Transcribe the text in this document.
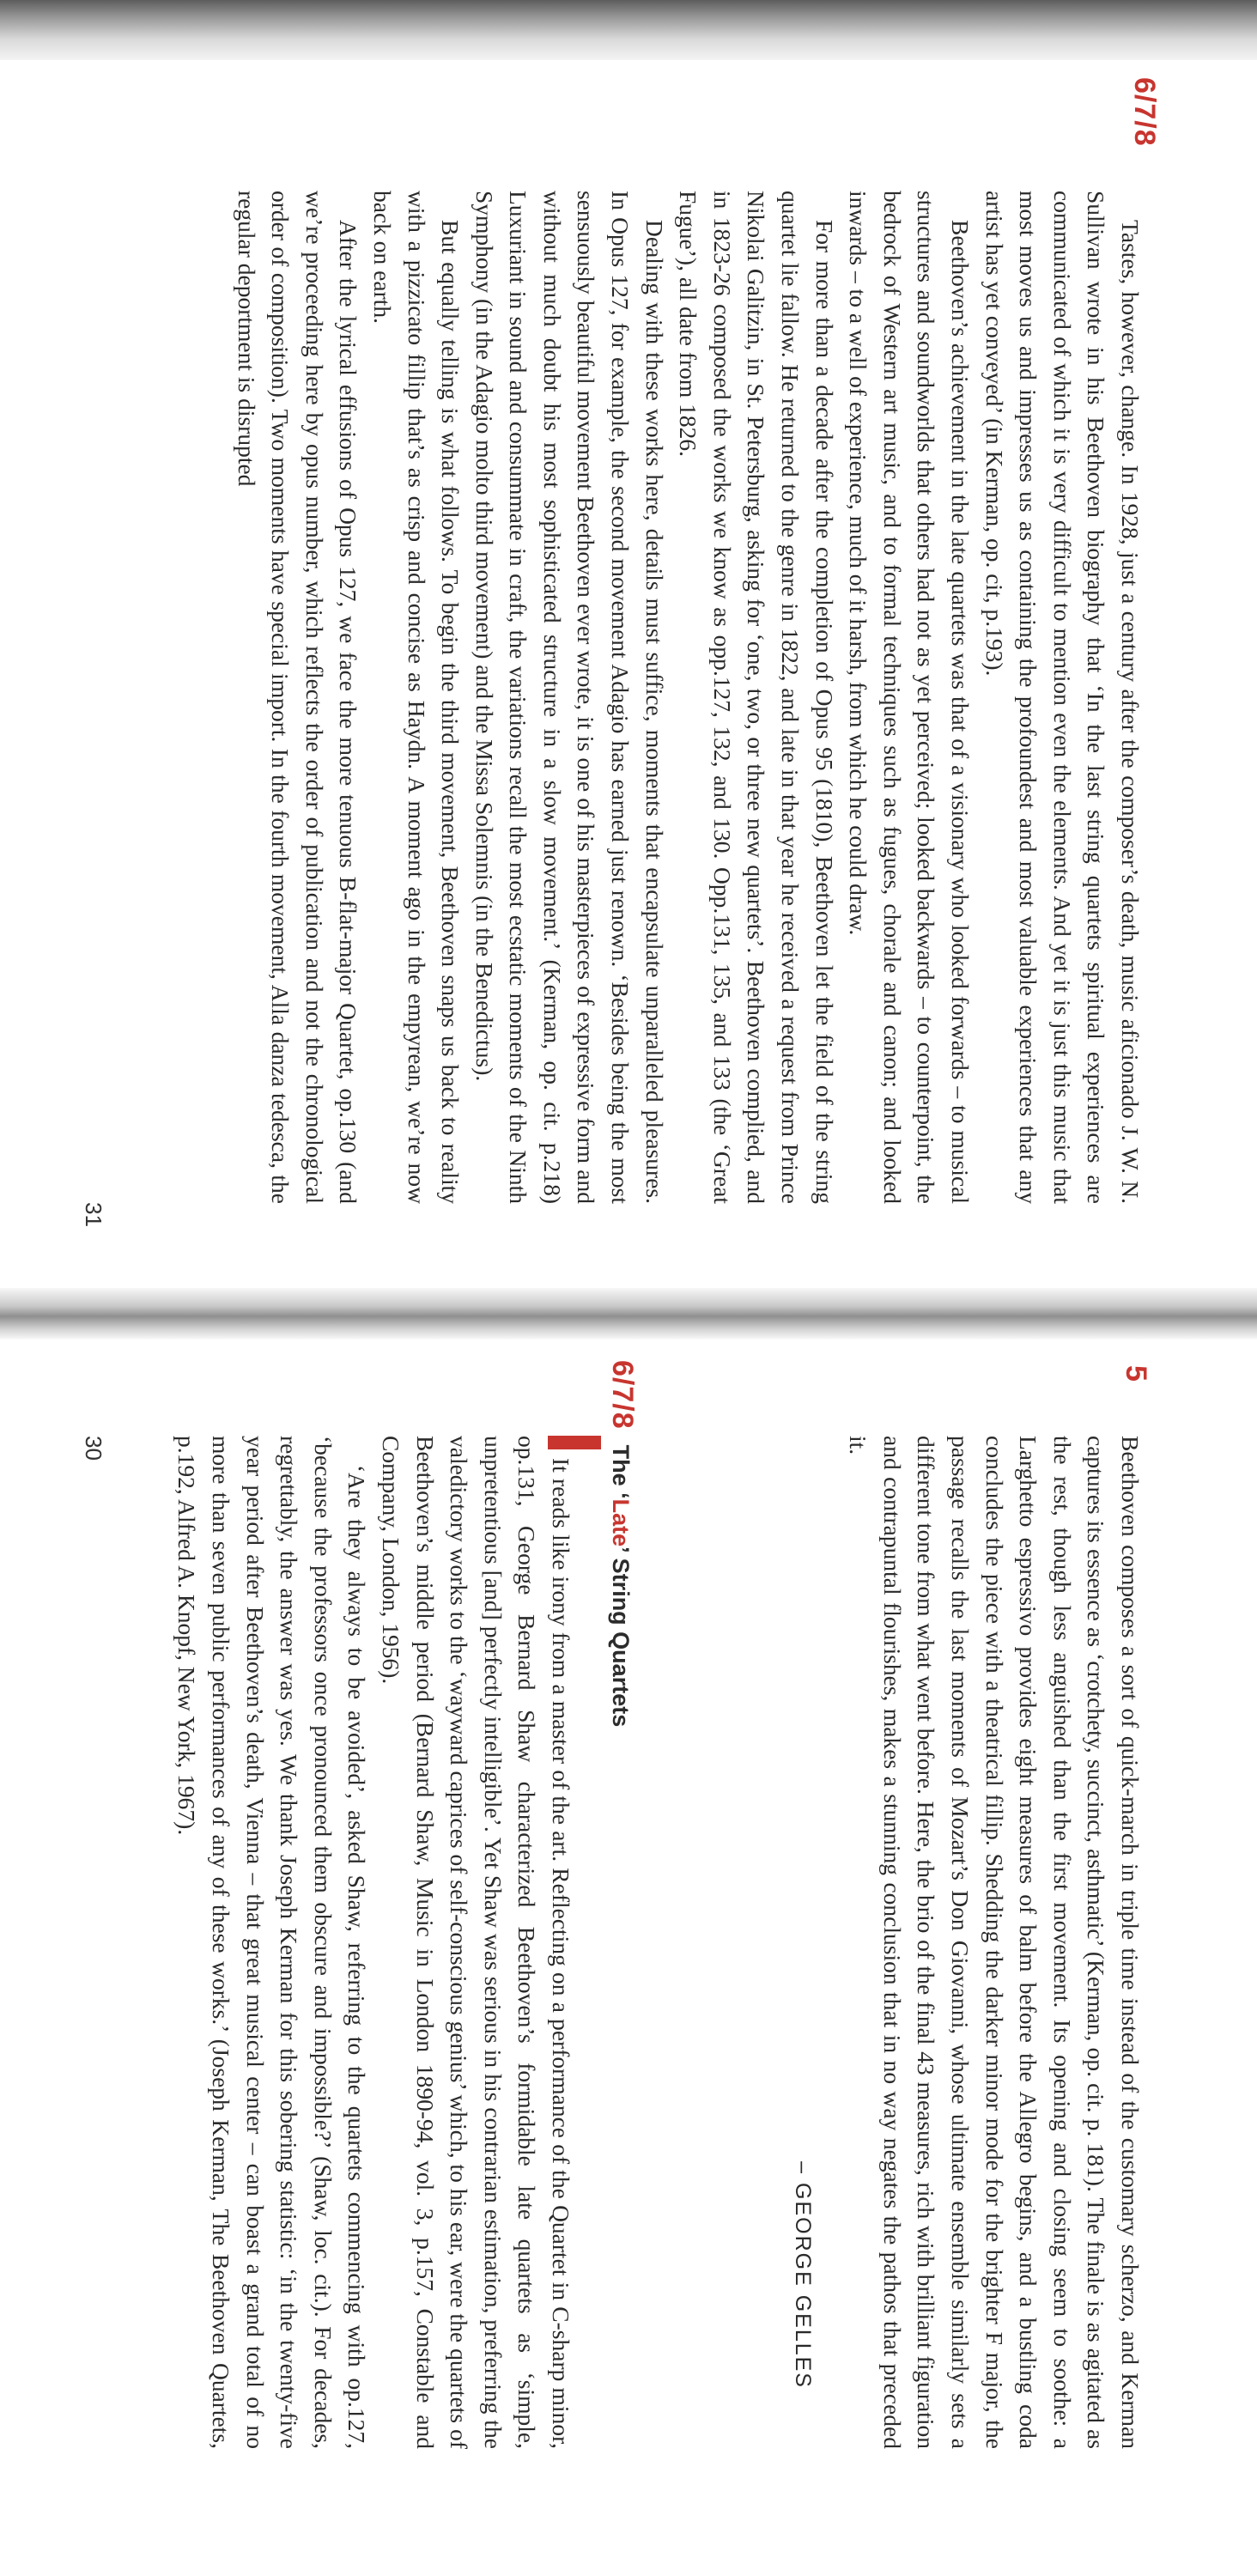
6/7/8

Tastes, however, change. In 1928, just a century after the composer’s death, music aficionado J. W. N. Sullivan wrote in his Beethoven biography that ‘In the last string quartets spiritual experiences are communicated of which it is very difficult to mention even the elements. And yet it is just this music that most moves us and impresses us as containing the profoundest and most valuable experiences that any artist has yet conveyed’ (in Kerman, op. cit, p.193).

Beethoven’s achievement in the late quartets was that of a visionary who looked forwards – to musical structures and soundworlds that others had not as yet perceived; looked backwards – to counterpoint, the bedrock of Western art music, and to formal techniques such as fugues, chorale and canon; and looked inwards – to a well of experience, much of it harsh, from which he could draw.

For more than a decade after the completion of Opus 95 (1810), Beethoven let the field of the string quartet lie fallow. He returned to the genre in 1822, and late in that year he received a request from Prince Nikolai Galitzin, in St. Petersburg, asking for ‘one, two, or three new quartets’. Beethoven complied, and in 1823-26 composed the works we know as opp.127, 132, and 130. Opp.131, 135, and 133 (the ‘Great Fugue’), all date from 1826.

Dealing with these works here, details must suffice, moments that encapsulate unparalleled pleasures. In Opus 127, for example, the second movement Adagio has earned just renown. ‘Besides being the most sensuously beautiful movement Beethoven ever wrote, it is one of his masterpieces of expressive form and without much doubt his most sophisticated structure in a slow movement.’ (Kerman, op. cit. p.218) Luxuriant in sound and consummate in craft, the variations recall the most ecstatic moments of the Ninth Symphony (in the Adagio molto third movement) and the Missa Solemnis (in the Benedictus).

But equally telling is what follows. To begin the third movement, Beethoven snaps us back to reality with a pizzicato fillip that’s as crisp and concise as Haydn. A moment ago in the empyrean, we’re now back on earth.

After the lyrical effusions of Opus 127, we face the more tenuous B-flat-major Quartet, op.130 (and we’re proceeding here by opus number, which reflects the order of publication and not the chronological order of composition). Two moments have special import. In the fourth movement, Alla danza tedesca, the regular deportment is disrupted

31
5

Beethoven composes a sort of quick-march in triple time instead of the customary scherzo, and Kerman captures its essence as ‘crotchety, succinct, asthmatic’ (Kerman, op. cit. p. 181). The finale is as agitated as the rest, though less anguished than the first movement. Its opening and closing seem to soothe: a Larghetto espressivo provides eight measures of balm before the Allegro begins, and a bustling coda concludes the piece with a theatrical fillip. Shedding the darker minor mode for the brighter F major, the passage recalls the last moments of Mozart’s Don Giovanni, whose ultimate ensemble similarly sets a different tone from what went before. Here, the brio of the final 43 measures, rich with brilliant figuration and contrapuntal flourishes, makes a stunning conclusion that in no way negates the pathos that preceded it.

– GEORGE GELLES

6/7/8The ‘Late’ String Quartets

It reads like irony from a master of the art. Reflecting on a performance of the Quartet in C-sharp minor, op.131, George Bernard Shaw characterized Beethoven’s formidable late quartets as ‘simple, unpretentious [and] perfectly intelligible’. Yet Shaw was serious in his contrarian estimation, preferring the valedictory works to the ‘wayward caprices of self-conscious genius’ which, to his ear, were the quartets of Beethoven’s middle period (Bernard Shaw, Music in London 1890-94, vol. 3, p.157, Constable and Company, London, 1956).

‘Are they always to be avoided’, asked Shaw, referring to the quartets commencing with op.127, ‘because the professors once pronounced them obscure and impossible?’ (Shaw, loc. cit.). For decades, regrettably, the answer was yes. We thank Joseph Kerman for this sobering statistic: ‘in the twenty-five year period after Beethoven’s death, Vienna – that great musical center – can boast a grand total of no more than seven public performances of any of these works.’ (Joseph Kerman, The Beethoven Quartets, p.192, Alfred A. Knopf, New York, 1967).

30
